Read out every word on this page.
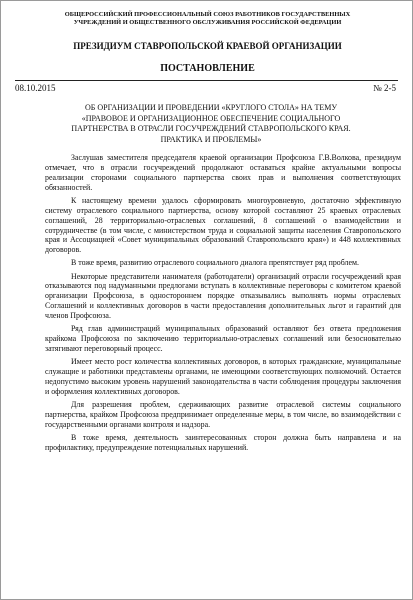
ОБЩЕРОССИЙСКИЙ ПРОФЕССИОНАЛЬНЫЙ СОЮЗ РАБОТНИКОВ ГОСУДАРСТВЕННЫХ
УЧРЕЖДЕНИЙ И ОБЩЕСТВЕННОГО ОБСЛУЖИВАНИЯ РОССИЙСКОЙ ФЕДЕРАЦИИ
ПРЕЗИДИУМ СТАВРОПОЛЬСКОЙ КРАЕВОЙ ОРГАНИЗАЦИИ
ПОСТАНОВЛЕНИЕ
08.10.2015	№ 2-5
ОБ ОРГАНИЗАЦИИ И ПРОВЕДЕНИИ «КРУГЛОГО СТОЛА» НА ТЕМУ
«ПРАВОВОЕ И ОРГАНИЗАЦИОННОЕ ОБЕСПЕЧЕНИЕ СОЦИАЛЬНОГО
ПАРТНЕРСТВА В ОТРАСЛИ ГОСУЧРЕЖДЕНИЙ СТАВРОПОЛЬСКОГО КРАЯ.
ПРАКТИКА И ПРОБЛЕМЫ»

Заслушав заместителя председателя краевой организации Профсоюза Г.В.Волкова, президиум отмечает, что в отрасли госучреждений продолжают оставаться крайне актуальными вопросы реализации сторонами социального партнерства своих прав и выполнения соответствующих обязанностей.

К настоящему времени удалось сформировать многоуровневую, достаточно эффективную систему отраслевого социального партнерства, основу которой составляют 25 краевых отраслевых соглашений, 28 территориально-отраслевых соглашений, 8 соглашений о взаимодействии и сотрудничестве (в том числе, с министерством труда и социальной защиты населения Ставропольского края и Ассоциацией «Совет муниципальных образований Ставропольского края») и 448 коллективных договоров.

В тоже время, развитию отраслевого социального диалога препятствует ряд проблем.

Некоторые представители нанимателя (работодатели) организаций отрасли госучреждений края отказываются под надуманными предлогами вступать в коллективные переговоры с комитетом краевой организации Профсоюза, в одностороннем порядке отказывались выполнять нормы отраслевых Соглашений и коллективных договоров в части предоставления дополнительных льгот и гарантий для членов Профсоюза.

Ряд глав администраций муниципальных образований оставляют без ответа предложения крайкома Профсоюза по заключению территориально-отраслевых соглашений или безосновательно затягивают переговорный процесс.

Имеет место рост количества коллективных договоров, в которых гражданские, муниципальные служащие и работники представлены органами, не имеющими соответствующих полномочий. Остается недопустимо высоким уровень нарушений законодательства в части соблюдения процедуры заключения и оформления коллективных договоров.

Для разрешения проблем, сдерживающих развитие отраслевой системы социального партнерства, крайком Профсоюза предпринимает определенные меры, в том числе, во взаимодействии с государственными органами контроля и надзора.

В тоже время, деятельность заинтересованных сторон должна быть направлена и на профилактику, предупреждение потенциальных нарушений.
